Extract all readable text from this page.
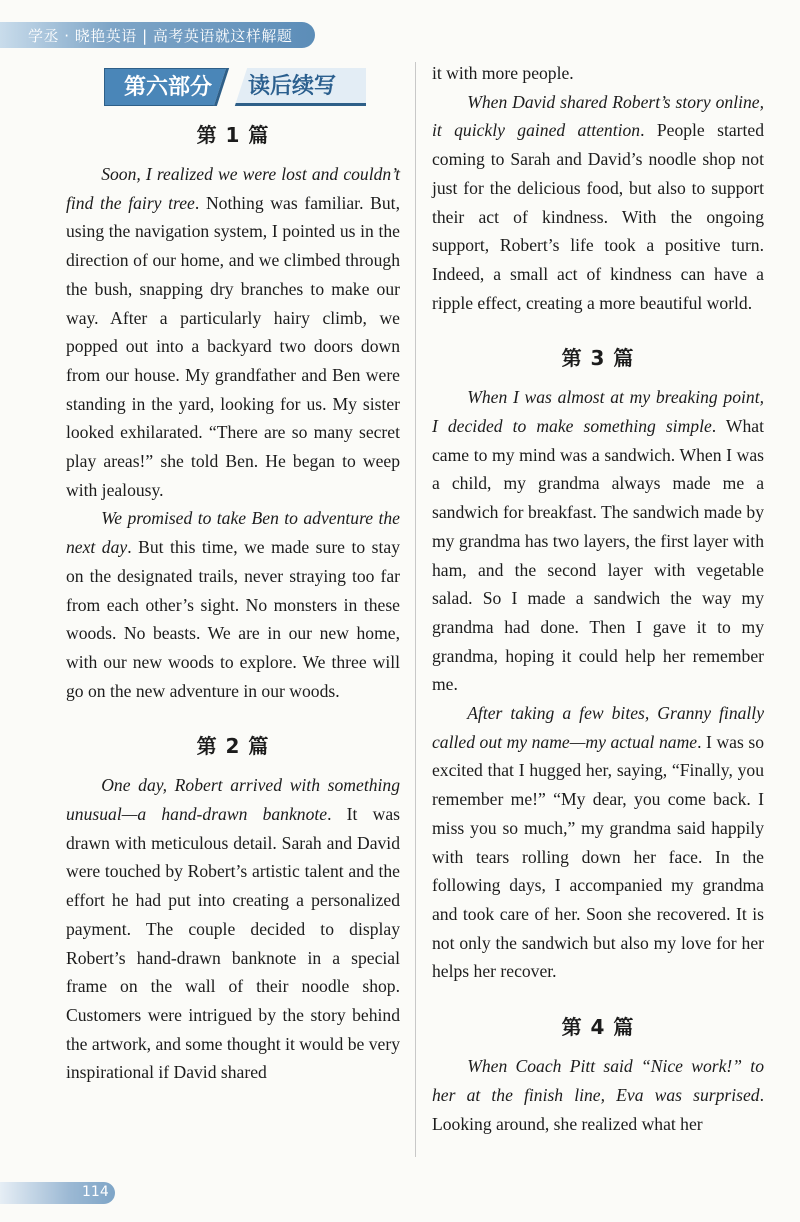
学丞 · 晓艳英语 | 高考英语就这样解题
第六部分	读后续写
第 1 篇

Soon, I realized we were lost and couldn’t find the fairy tree. Nothing was familiar. But, using the navigation system, I pointed us in the direction of our home, and we climbed through the bush, snapping dry branches to make our way. After a particularly hairy climb, we popped out into a backyard two doors down from our house. My grandfather and Ben were standing in the yard, looking for us. My sister looked exhilarated. “There are so many secret play areas!” she told Ben. He began to weep with jealousy.

We promised to take Ben to adventure the next day. But this time, we made sure to stay on the designated trails, never straying too far from each other’s sight. No monsters in these woods. No beasts. We are in our new home, with our new woods to explore. We three will go on the new adventure in our woods.

第 2 篇

One day, Robert arrived with something unusual—a hand-drawn banknote. It was drawn with meticulous detail. Sarah and David were touched by Robert’s artistic talent and the effort he had put into creating a personalized payment. The couple decided to display Robert’s hand-drawn banknote in a special frame on the wall of their noodle shop. Customers were intrigued by the story behind the artwork, and some thought it would be very inspirational if David shared

it with more people.

When David shared Robert’s story online, it quickly gained attention. People started coming to Sarah and David’s noodle shop not just for the delicious food, but also to support their act of kindness. With the ongoing support, Robert’s life took a positive turn. Indeed, a small act of kindness can have a ripple effect, creating a more beautiful world.

第 3 篇

When I was almost at my breaking point, I decided to make something simple. What came to my mind was a sandwich. When I was a child, my grandma always made me a sandwich for breakfast. The sandwich made by my grandma has two layers, the first layer with ham, and the second layer with vegetable salad. So I made a sandwich the way my grandma had done. Then I gave it to my grandma, hoping it could help her remember me.

After taking a few bites, Granny finally called out my name—my actual name. I was so excited that I hugged her, saying, “Finally, you remember me!” “My dear, you come back. I miss you so much,” my grandma said happily with tears rolling down her face. In the following days, I accompanied my grandma and took care of her. Soon she recovered. It is not only the sandwich but also my love for her helps her recover.

第 4 篇

When Coach Pitt said “Nice work!” to her at the finish line, Eva was surprised. Looking around, she realized what her

114
